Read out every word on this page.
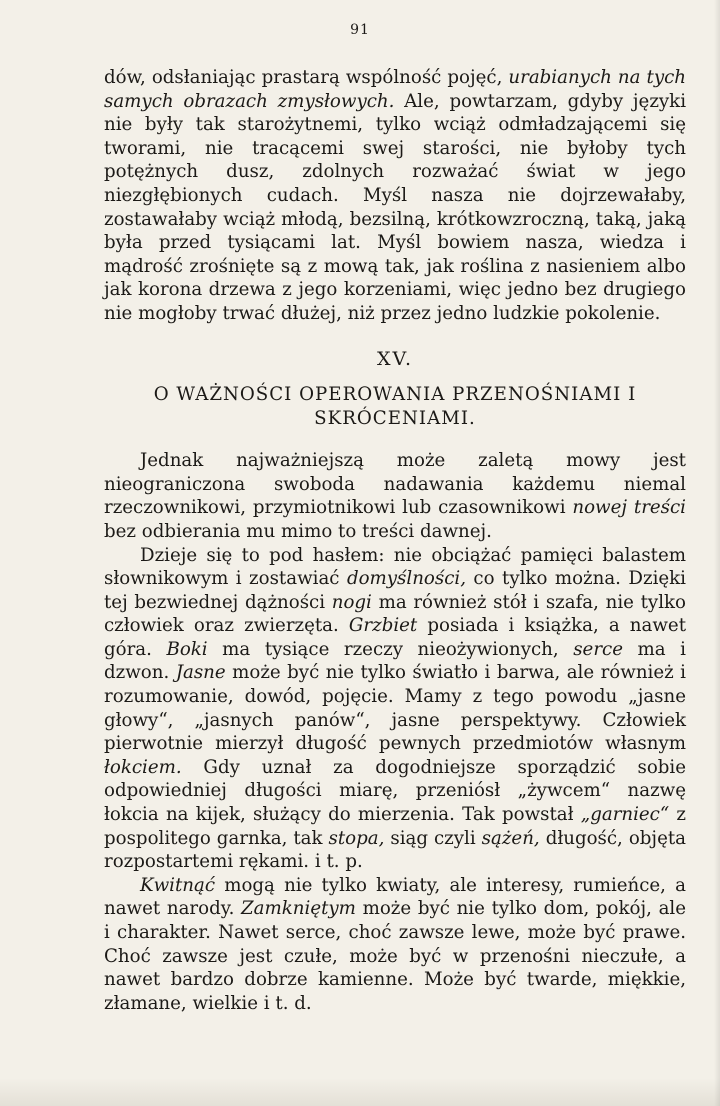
91

dów, odsłaniając prastarą wspólność pojęć, urabianych na tych samych obrazach zmysłowych. Ale, powtarzam, gdyby języki nie były tak starożytnemi, tylko wciąż odmładzającemi się tworami, nie tracącemi swej starości, nie byłoby tych potężnych dusz, zdolnych rozważać świat w jego niezgłębionych cudach. Myśl nasza nie dojrzewałaby, zostawałaby wciąż młodą, bezsilną, krótkowzroczną, taką, jaką była przed tysiącami lat. Myśl bowiem nasza, wiedza i mądrość zrośnięte są z mową tak, jak roślina z nasieniem albo jak korona drzewa z jego korzeniami, więc jedno bez drugiego nie mogłoby trwać dłużej, niż przez jedno ludzkie pokolenie.

XV.
O WAŻNOŚCI OPEROWANIA PRZENOŚNIAMI I SKRÓCENIAMI.

Jednak najważniejszą może zaletą mowy jest nieograniczona swoboda nadawania każdemu niemal rzeczownikowi, przymiotnikowi lub czasownikowi nowej treści bez odbierania mu mimo to treści dawnej.

Dzieje się to pod hasłem: nie obciążać pamięci balastem słownikowym i zostawiać domyślności, co tylko można. Dzięki tej bezwiednej dążności nogi ma również stół i szafa, nie tylko człowiek oraz zwierzęta. Grzbiet posiada i książka, a nawet góra. Boki ma tysiące rzeczy nieożywionych, serce ma i dzwon. Jasne może być nie tylko światło i barwa, ale również i rozumowanie, dowód, pojęcie. Mamy z tego powodu „jasne głowy“, „jasnych panów“, jasne perspektywy. Człowiek pierwotnie mierzył długość pewnych przedmiotów własnym łokciem. Gdy uznał za dogodniejsze sporządzić sobie odpowiedniej długości miarę, przeniósł „żywcem“ nazwę łokcia na kijek, służący do mierzenia. Tak powstał „garniec“ z pospolitego garnka, tak stopa, siąg czyli sążeń, długość, objęta rozpostartemi rękami. i t. p.

Kwitnąć mogą nie tylko kwiaty, ale interesy, rumieńce, a nawet narody. Zamkniętym może być nie tylko dom, pokój, ale i charakter. Nawet serce, choć zawsze lewe, może być prawe. Choć zawsze jest czułe, może być w przenośni nieczułe, a nawet bardzo dobrze kamienne. Może być twarde, miękkie, złamane, wielkie i t. d.
